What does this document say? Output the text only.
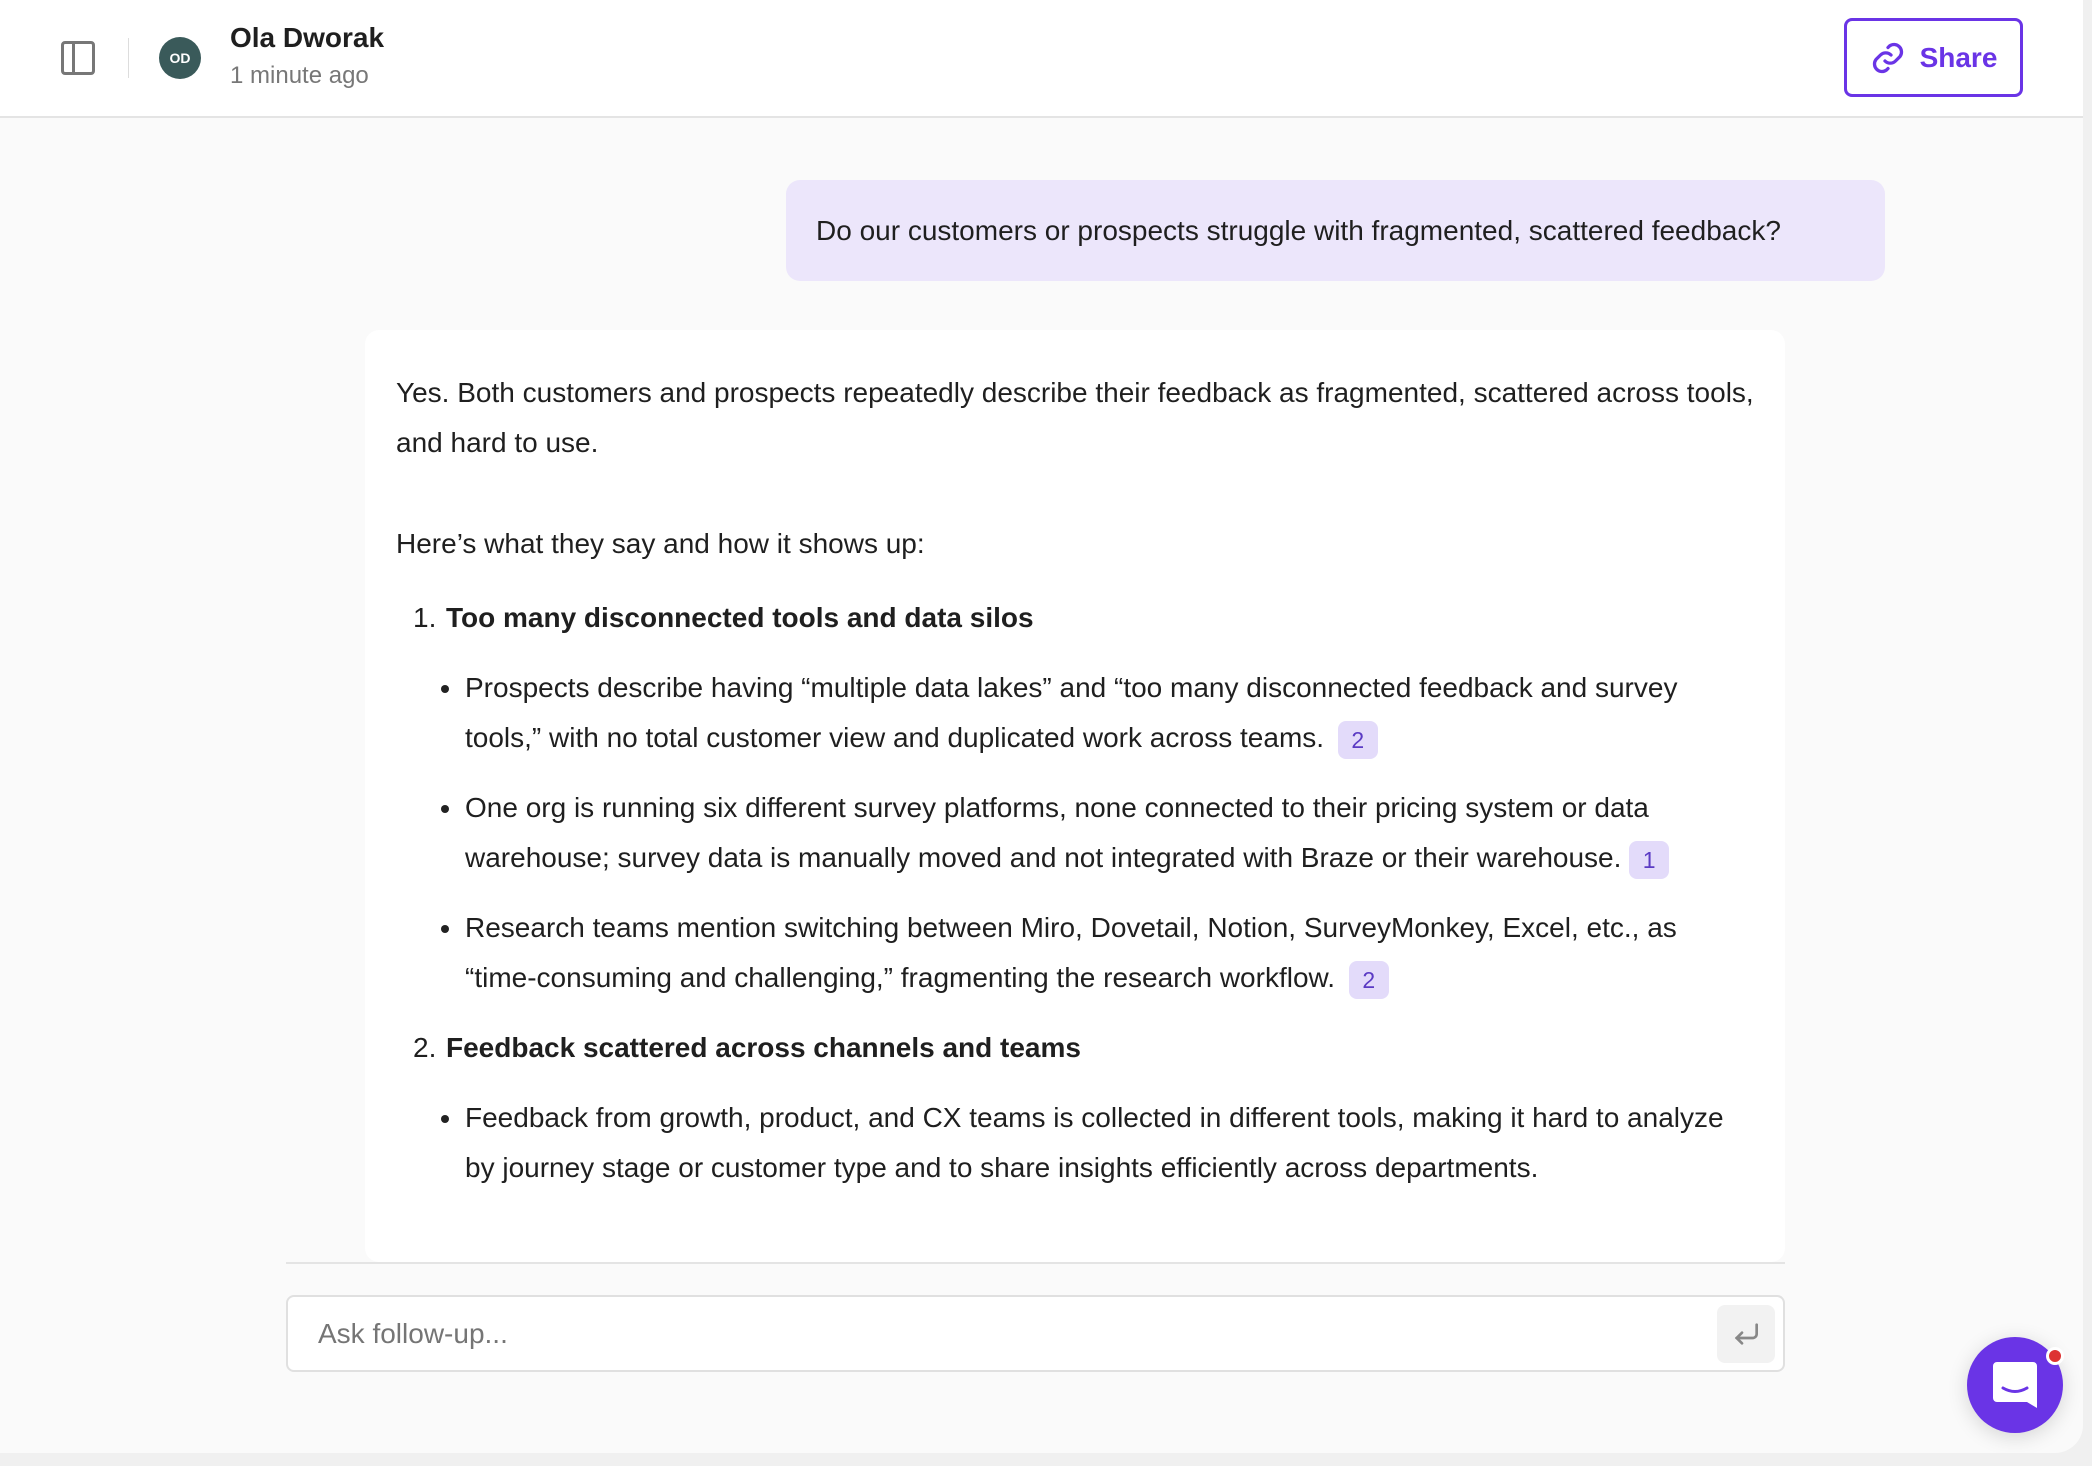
OD
Ola Dworak
1 minute ago
Share
Do our customers or prospects struggle with fragmented, scattered feedback?

Yes. Both customers and prospects repeatedly describe their feedback as fragmented, scattered across tools, and hard to use.

Here’s what they say and how it shows up:

1. Too many disconnected tools and data silos
Prospects describe having “multiple data lakes” and “too many disconnected feedback and survey tools,” with no total customer view and duplicated work across teams. 2
One org is running six different survey platforms, none connected to their pricing system or data warehouse; survey data is manually moved and not integrated with Braze or their warehouse. 1
Research teams mention switching between Miro, Dovetail, Notion, SurveyMonkey, Excel, etc., as “time-consuming and challenging,” fragmenting the research workflow. 2
2. Feedback scattered across channels and teams
Feedback from growth, product, and CX teams is collected in different tools, making it hard to analyze by journey stage or customer type and to share insights efficiently across departments.
Ask follow-up...
